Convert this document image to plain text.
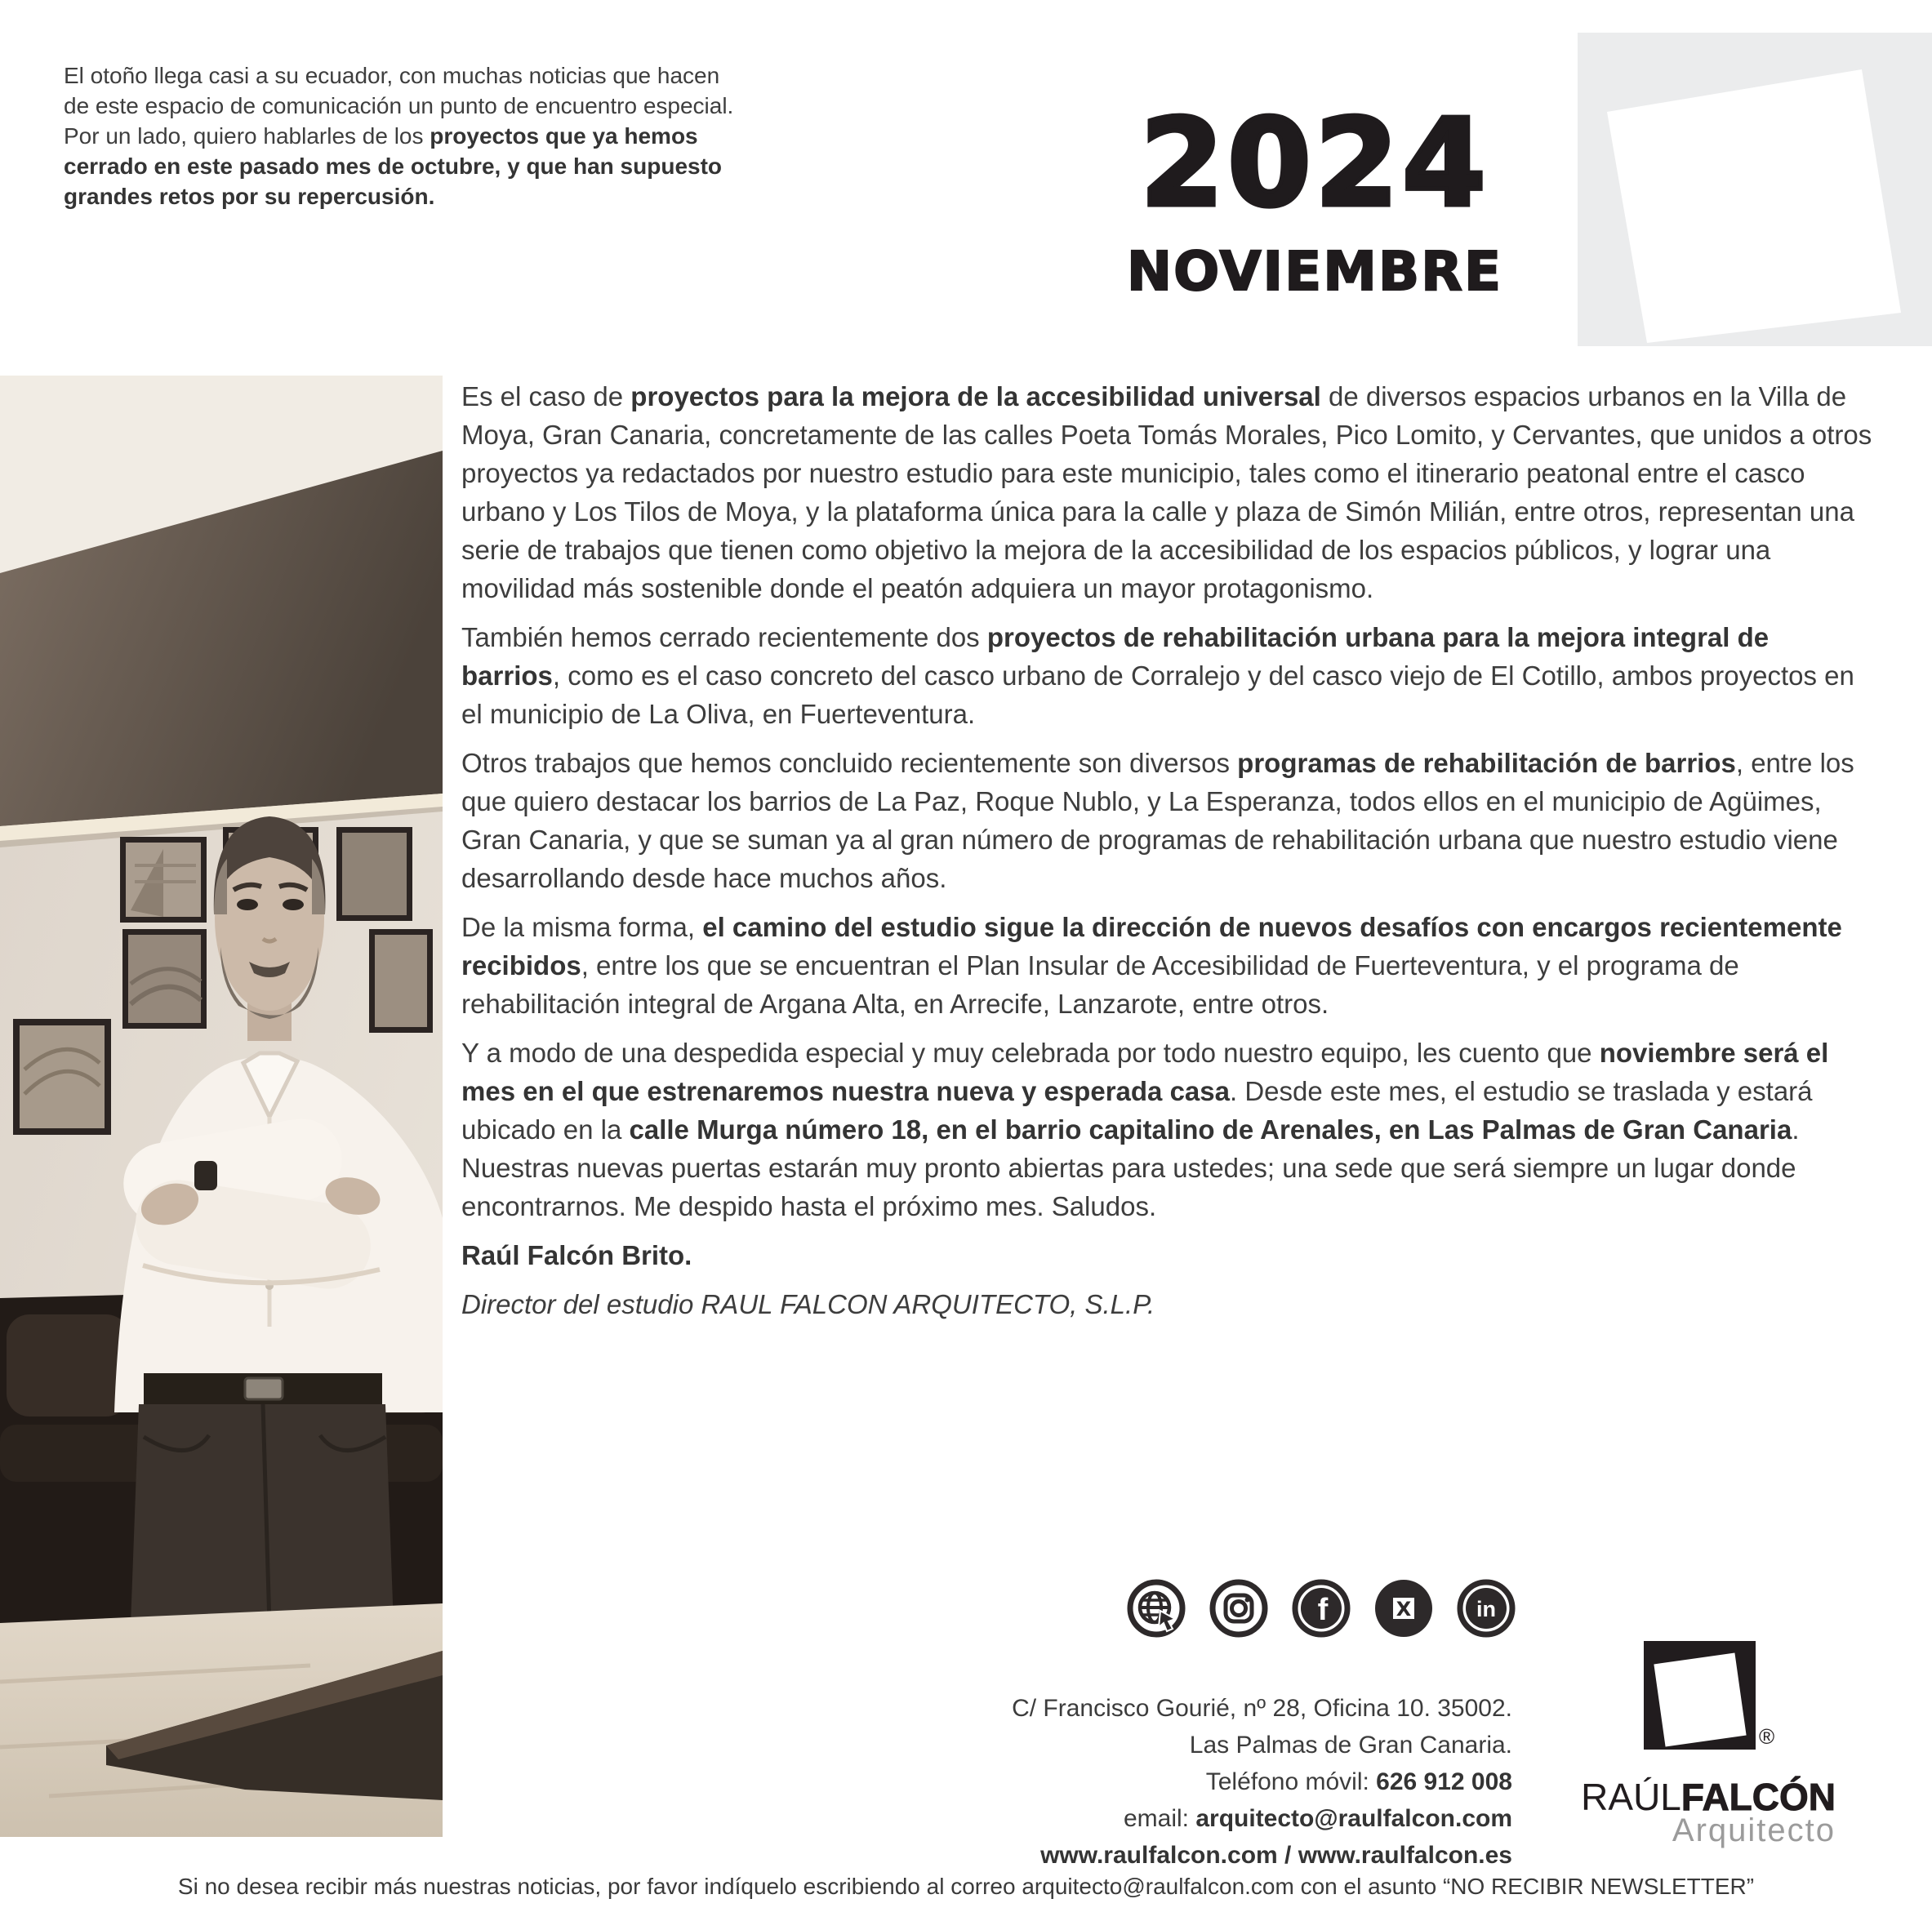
El otoño llega casi a su ecuador, con muchas noticias que hacen de este espacio de comunicación un punto de encuentro especial.

Por un lado, quiero hablarles de los proyectos que ya hemos cerrado en este pasado mes de octubre, y que han supuesto grandes retos por su repercusión.	2024
NOVIEMBRE

Es el caso de proyectos para la mejora de la accesibilidad universal de diversos espacios urbanos en la Villa de Moya, Gran Canaria, concretamente de las calles Poeta Tomás Morales, Pico Lomito, y Cervantes, que unidos a otros proyectos ya redactados por nuestro estudio para este municipio, tales como el itinerario peatonal entre el casco urbano y Los Tilos de Moya, y la plataforma única para la calle y plaza de Simón Milián, entre otros, representan una serie de trabajos que tienen como objetivo la mejora de la accesibilidad de los espacios públicos, y lograr una movilidad más sostenible donde el peatón adquiera un mayor protagonismo.

También hemos cerrado recientemente dos proyectos de rehabilitación urbana para la mejora integral de barrios, como es el caso concreto del casco urbano de Corralejo y del casco viejo de El Cotillo, ambos proyectos en el municipio de La Oliva, en Fuerteventura.

Otros trabajos que hemos concluido recientemente son diversos programas de rehabilitación de barrios, entre los que quiero destacar los barrios de La Paz, Roque Nublo, y La Esperanza, todos ellos en el municipio de Agüimes, Gran Canaria, y que se suman ya al gran número de programas de rehabilitación urbana que nuestro estudio viene desarrollando desde hace muchos años.

De la misma forma, el camino del estudio sigue la dirección de nuevos desafíos con encargos recientemente recibidos, entre los que se encuentran el Plan Insular de Accesibilidad de Fuerteventura, y el programa de rehabilitación integral de Argana Alta, en Arrecife, Lanzarote, entre otros.

Y a modo de una despedida especial y muy celebrada por todo nuestro equipo, les cuento que noviembre será el mes en el que estrenaremos nuestra nueva y esperada casa. Desde este mes, el estudio se traslada y estará ubicado en la calle Murga número 18, en el barrio capitalino de Arenales, en Las Palmas de Gran Canaria. Nuestras nuevas puertas estarán muy pronto abiertas para ustedes; una sede que será siempre un lugar donde encontrarnos. Me despido hasta el próximo mes. Saludos.

Raúl Falcón Brito.

Director del estudio RAUL FALCON ARQUITECTO, S.L.P.

f	X	in
C/ Francisco Gourié, nº 28, Oficina 10. 35002.
Las Palmas de Gran Canaria.
Teléfono móvil: 626 912 008
email: arquitecto@raulfalcon.com
www.raulfalcon.com / www.raulfalcon.es
®
RAÚLFALCÓN
Arquitecto
Si no desea recibir más nuestras noticias, por favor indíquelo escribiendo al correo arquitecto@raulfalcon.com con el asunto “NO RECIBIR NEWSLETTER”
